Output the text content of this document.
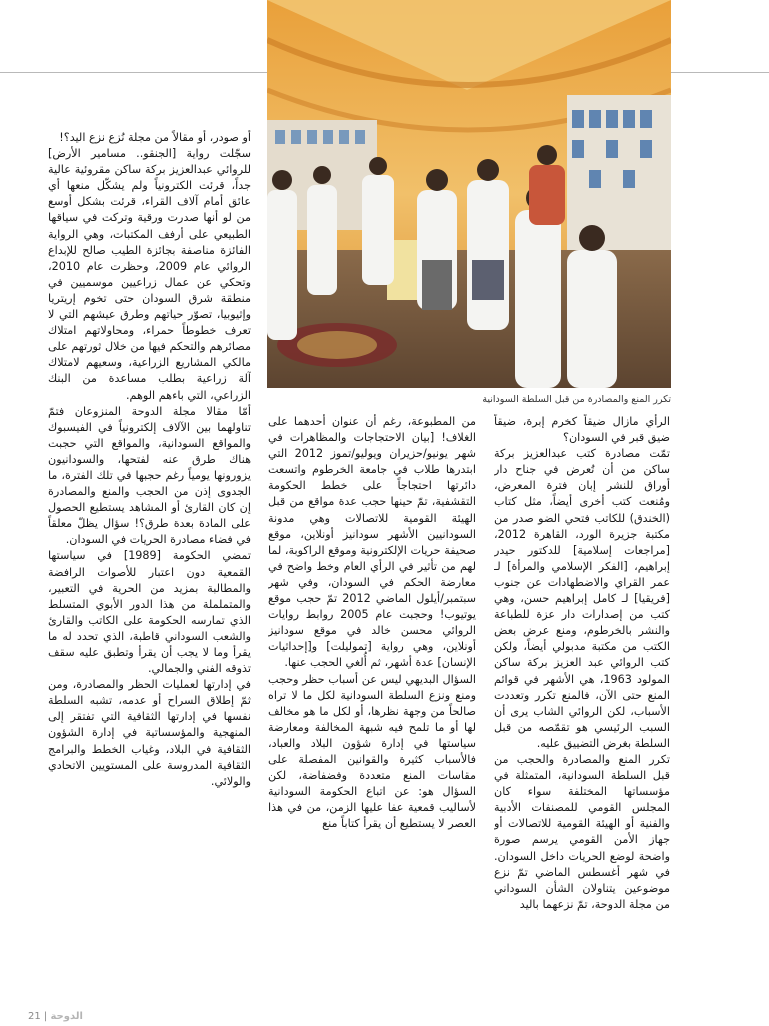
تكرر المنع والمصادرة من قبل السلطة السودانية

الرأي مازال ضيقاً كخرم إبرة، ضيقاً ضيق قبر في السودان؟

تمّت مصادرة كتب عبدالعزيز بركة ساكن من أن تُعرض في جناح دار أوراق للنشر إبان فترة المعرض، ومُنعت كتب أخرى أيضاً، مثل كتاب (الخندق) للكاتب فتحي الضو صدر من مكتبة جزيرة الورد، القاهرة 2012، [مراجعات إسلامية] للدكتور حيدر إبراهيم، [الفكر الإسلامي والمرأة] لـ عمر القراي والاضطهادات عن جنوب [فريقيا] لـ كامل إبراهيم حسن، وهي كتب من إصدارات دار عزة للطباعة والنشر بالخرطوم، ومنع عرض بعض الكتب من مكتبة مدبولي أيضاً، ولكن كتب الروائي عبد العزيز بركة ساكن المولود 1963، هي الأشهر في قوائم المنع حتى الآن، فالمنع تكرر وتعددت الأسباب، لكن الروائي الشاب يرى أن السبب الرئيسي هو تقمّصه من قبل السلطة بغرض التضييق عليه.

تكرر المنع والمصادرة والحجب من قبل السلطة السودانية، المتمثلة في مؤسساتها المختلفة سواء كان المجلس القومي للمصنفات الأدبية والفنية أو الهيئة القومية للاتصالات أو جهاز الأمن القومي يرسم صورة واضحة لوضع الحريات داخل السودان. في شهر أغسطس الماضي تمّ نزع موضوعين يتناولان الشأن السوداني من مجلة الدوحة، تمّ نزعهما باليد

من المطبوعة، رغم أن عنوان أحدهما على الغلاف! [بيان الاحتجاجات والمظاهرات في شهر يونيو/حزيران ويوليو/تموز 2012 التي ابتدرها طلاب في جامعة الخرطوم واتسعت دائرتها احتجاجاً على خطط الحكومة التقشفية، تمّ حينها حجب عدة مواقع من قبل الهيئة القومية للاتصالات وهي مدونة السودانيين الأشهر سودانيز أونلاين، موقع صحيفة حريات الإلكترونية وموقع الراكوبة، لما لهم من تأثير في الرأي العام وخط واضح في معارضة الحكم في السودان، وفي شهر سبتمبر/أيلول الماضي 2012 تمّ حجب موقع يوتيوب! وحجبت عام 2005 روابط روايات الروائي محسن خالد في موقع سودانيز أونلاين، وهي رواية [تموليلت] و[إحداثيات الإنسان] عدة أشهر، ثم أُلغي الحجب عنها.

السؤال البديهي ليس عن أسباب حظر وحجب ومنع ونزع السلطة السودانية لكل ما لا تراه صالحاً من وجهة نظرها، أو لكل ما هو مخالف لها أو ما تلمح فيه شبهة المخالفة ومعارضة سياستها في إدارة شؤون البلاد والعباد، فالأسباب كثيرة والقوانين المفصلة على مقاسات المنع متعددة وفضفاضة، لكن السؤال هو: عن اتباع الحكومة السودانية لأساليب قمعية عفا عليها الزمن، من في هذا العصر لا يستطيع أن يقرأ كتاباً منع

أو صودر، أو مقالاً من مجلة نُزع نزع اليد؟!

سجّلت رواية [الجنقو.. مسامير الأرض] للروائي عبدالعزيز بركة ساكن مقروئية عالية جداً، قرئت الكترونياً ولم يشكّل منعها أي عائق أمام آلاف القراء، قرئت بشكل أوسع من لو أنها صدرت ورقية وتركت في سياقها الطبيعي على أرفف المكتبات، وهي الرواية الفائزة مناصفة بجائزة الطيب صالح للإبداع الروائي عام 2009، وحظرت عام 2010، وتحكي عن عمال زراعيين موسميين في منطقة شرق السودان حتى تخوم إريتريا وإثيوبيا، تصوّر حياتهم وطرق عيشهم التي لا تعرف خطوطاً حمراء، ومحاولاتهم امتلاك مصائرهم والتحكم فيها من خلال ثورتهم على مالكي المشاريع الزراعية، وسعيهم لامتلاك آلة زراعية بطلب مساعدة من البنك الزراعي، التي باءهم الوهم.

أمّا مقالا مجلة الدوحة المنزوعان فتمّ تناولهما بين الآلاف إلكترونياً في الفيسبوك والمواقع السودانية، والمواقع التي حجبت هناك طرق عنه لفتحها، والسودانيون يزورونها يومياً رغم حجبها في تلك الفترة، ما الجدوى إذن من الحجب والمنع والمصادرة إن كان القارئ أو المشاهد يستطيع الحصول على المادة بعدة طرق؟! سؤال يظلّ معلقاً في فضاء مصادرة الحريات في السودان.

تمضي الحكومة [1989] في سياستها القمعية دون اعتبار للأصوات الرافضة والمطالبة بمزيد من الحرية في التعبير، والمتململة من هذا الدور الأبوي المتسلط الذي تمارسه الحكومة على الكاتب والقارئ والشعب السوداني قاطبة، الذي تحدد له ما يقرأ وما لا يجب أن يقرأ وتطبق عليه سقف تذوقه الفني والجمالي.

في إدارتها لعمليات الحظر والمصادرة، ومن ثمّ إطلاق السراح أو عدمه، تشبه السلطة نفسها في إدارتها الثقافية التي تفتقر إلى المنهجية والمؤسساتية في إدارة الشؤون الثقافية في البلاد، وغياب الخطط والبرامج الثقافية المدروسة على المستويين الاتحادي والولائي.

21 | الدوحة
